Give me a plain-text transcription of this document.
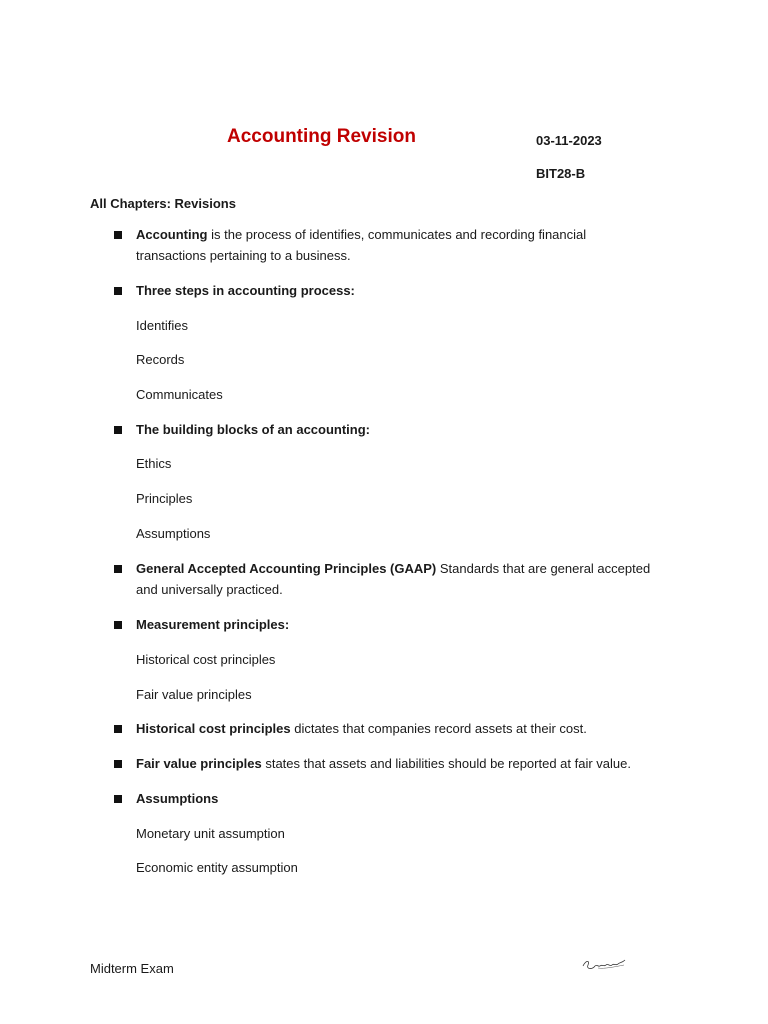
Accounting Revision	03-11-2023
BIT28-B
All Chapters: Revisions
Accounting is the process of identifies, communicates and recording financial
transactions pertaining to a business.
Three steps in accounting process:
Identifies
Records
Communicates
The building blocks of an accounting:
Ethics
Principles
Assumptions
General Accepted Accounting Principles (GAAP) Standards that are general accepted
and universally practiced.
Measurement principles:
Historical cost principles
Fair value principles
Historical cost principles dictates that companies record assets at their cost.
Fair value principles states that assets and liabilities should be reported at fair value.
Assumptions
Monetary unit assumption
Economic entity assumption
Midterm Exam
